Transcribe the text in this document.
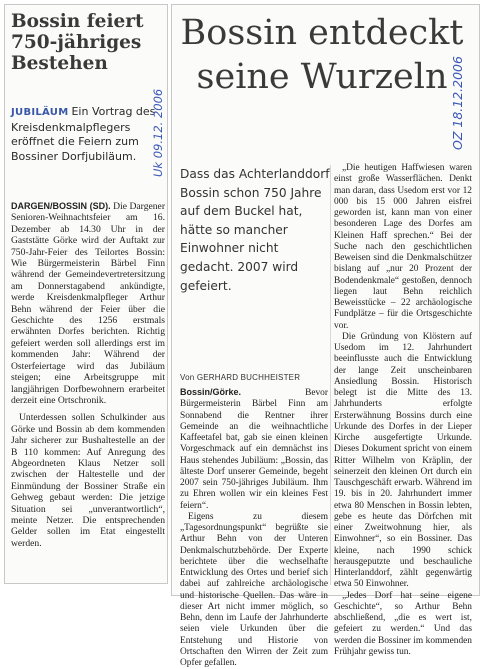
Bossin feiert 750-jähriges Bestehen
JUBILÄUM Ein Vortrag des Kreisdenkmalpflegers eröffnet die Feiern zum Bossiner Dorfjubiläum.

DARGEN/BOSSIN (SD). Die Dargener Senioren-Weihnachtsfeier am 16. Dezember ab 14.30 Uhr in der Gaststätte Görke wird der Auftakt zur 750-Jahr-Feier des Teilortes Bossin: Wie Bürgermeisterin Bärbel Finn während der Gemeindevertretersitzung am Donnerstagabend ankündigte, werde Kreisdenkmalpfleger Arthur Behn während der Feier über die Geschichte des 1256 erstmals erwähnten Dorfes berichten. Richtig gefeiert werden soll allerdings erst im kommenden Jahr: Während der Osterfeiertage wird das Jubiläum steigen; eine Arbeitsgruppe mit langjährigen Dorfbewohnern erarbeitet derzeit eine Ortschronik.

Unterdessen sollen Schulkinder aus Görke und Bossin ab dem kommenden Jahr sicherer zur Bushaltestelle an der B 110 kommen: Auf Anregung des Abgeordneten Klaus Netzer soll zwischen der Haltestelle und der Einmündung der Bossiner Straße ein Gehweg gebaut werden: Die jetzige Situation sei „unverantwortlich“, meinte Netzer. Die entsprechenden Gelder sollen im Etat eingestellt werden.

Uk 09.12. 2006
Bossin entdeckt seine Wurzeln
Dass das Achterlanddorf Bossin schon 750 Jahre auf dem Buckel hat, hätte so mancher Einwohner nicht gedacht. 2007 wird gefeiert.
Von GERHARD BUCHHEISTER

Bossin/Görke.	Bevor Bürgermeisterin Bärbel Finn am Sonnabend die Rentner ihrer Gemeinde an die weihnachtliche Kaffeetafel bat, gab sie einen kleinen Vorgeschmack auf ein demnächst ins Haus stehendes Jubiläum: „Bossin, das älteste Dorf unserer Gemeinde, begeht 2007 sein 750-jähriges Jubiläum. Ihm zu Ehren wollen wir ein kleines Fest feiern“.

Eigens zu diesem „Tagesordnungspunkt“ begrüßte sie Arthur Behn von der Unteren Denkmalschutzbehörde. Der Experte berichtete über die wechselhafte Entwicklung des Ortes und berief sich dabei auf zahlreiche archäologische und historische Quellen. Das wäre in dieser Art nicht immer möglich, so Behn, denn im Laufe der Jahrhunderte seien viele Urkunden über die Entstehung und Historie von Ortschaften den Wirren der Zeit zum Opfer gefallen.

„Die heutigen Haffwiesen waren einst große Wasserflächen. Denkt man daran, dass Usedom erst vor 12 000 bis 15 000 Jahren eisfrei geworden ist, kann man von einer besonderen Lage des Dorfes am Kleinen Haff sprechen.“ Bei der Suche nach den geschichtlichen Beweisen sind die Denkmalschützer bislang auf „nur 20 Prozent der Bodendenkmale“ gestoßen, dennoch liegen laut Behn reichlich Beweisstücke – 22 archäologische Fundplätze – für die Ortsgeschichte vor.

Die Gründung von Klöstern auf Usedom im 12. Jahrhundert beeinflusste auch die Entwicklung der lange Zeit unscheinbaren Ansiedlung Bossin. Historisch belegt ist die Mitte des 13. Jahrhunderts erfolgte Ersterwähnung Bossins durch eine Urkunde des Dorfes in der Lieper Kirche ausgefertigte Urkunde. Dieses Dokument spricht von einem Ritter Wilhelm von Kräplin, der seinerzeit den kleinen Ort durch ein Tauschgeschäft erwarb. Während im 19. bis in 20. Jahrhundert immer etwa 80 Menschen in Bossin lebten, gebe es heute das Dörfchen mit einer Zweitwohnung hier, als Einwohner“, so ein Bossiner. Das kleine, nach 1990 schick herausgeputzte und beschauliche Hinterlanddorf, zählt gegenwärtig etwa 50 Einwohner.

„Jedes Dorf hat seine eigene Geschichte“, so Arthur Behn abschließend, „die es wert ist, gefeiert zu werden.“ Und das werden die Bossiner im kommenden Frühjahr gewiss tun.

OZ 18.12.2006
